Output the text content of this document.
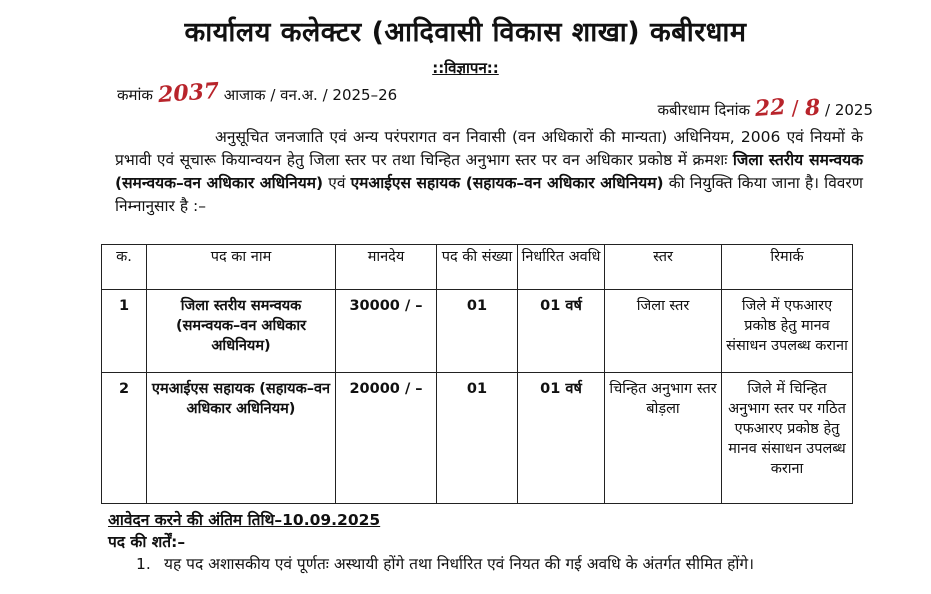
कार्यालय कलेक्टर (आदिवासी विकास शाखा) कबीरधाम
::विज्ञापन::
कमांक 2037 आजाक / वन.अ. / 2025–26
कबीरधाम दिनांक 22 / 8 / 2025
अनुसूचित जनजाति एवं अन्य परंपरागत वन निवासी (वन अधिकारों की मान्यता) अधिनियम, 2006 एवं नियमों के प्रभावी एवं सूचारू कियान्वयन हेतु जिला स्तर पर तथा चिन्हित अनुभाग स्तर पर वन अधिकार प्रकोष्ठ में क्रमशः जिला स्तरीय समन्वयक (समन्वयक–वन अधिकार अधिनियम) एवं एमआईएस सहायक (सहायक–वन अधिकार अधिनियम) की नियुक्ति किया जाना है। विवरण निम्नानुसार है :–
क.	पद का नाम	मानदेय	पद की संख्या	निर्धारित अवधि	स्तर	रिमार्क
1	जिला स्तरीय समन्वयक (समन्वयक–वन अधिकार अधिनियम)	30000 / –	01	01 वर्ष	जिला स्तर	जिले में एफआरए प्रकोष्ठ हेतु मानव संसाधन उपलब्ध कराना
2	एमआईएस सहायक (सहायक–वन अधिकार अधिनियम)	20000 / –	01	01 वर्ष	चिन्हित अनुभाग स्तर बोड़ला	जिले में चिन्हित अनुभाग स्तर पर गठित एफआरए प्रकोष्ठ हेतु मानव संसाधन उपलब्ध कराना
आवेदन करने की अंतिम तिथि–10.09.2025
पद की शर्तें:–
1. यह पद अशासकीय एवं पूर्णतः अस्थायी होंगे तथा निर्धारित एवं नियत की गई अवधि के अंतर्गत सीमित होंगे।
